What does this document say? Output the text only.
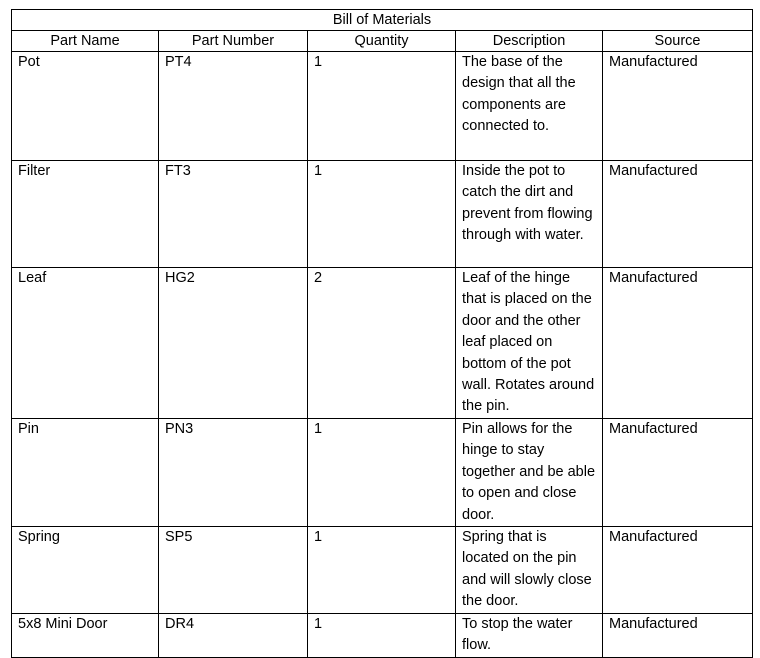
Bill of Materials				
Part Name	Part Number	Quantity	Description	Source
Pot	PT4	1	The base of the design that all the components are connected to.	Manufactured
Filter	FT3	1	Inside the pot to catch the dirt and prevent from flowing through with water.	Manufactured
Leaf	HG2	2	Leaf of the hinge that is placed on the door and the other leaf placed on bottom of the pot wall. Rotates around the pin.	Manufactured
Pin	PN3	1	Pin allows for the hinge to stay together and be able to open and close door.	Manufactured
Spring	SP5	1	Spring that is located on the pin and will slowly close the door.	Manufactured
5x8 Mini Door	DR4	1	To stop the water flow.	Manufactured
